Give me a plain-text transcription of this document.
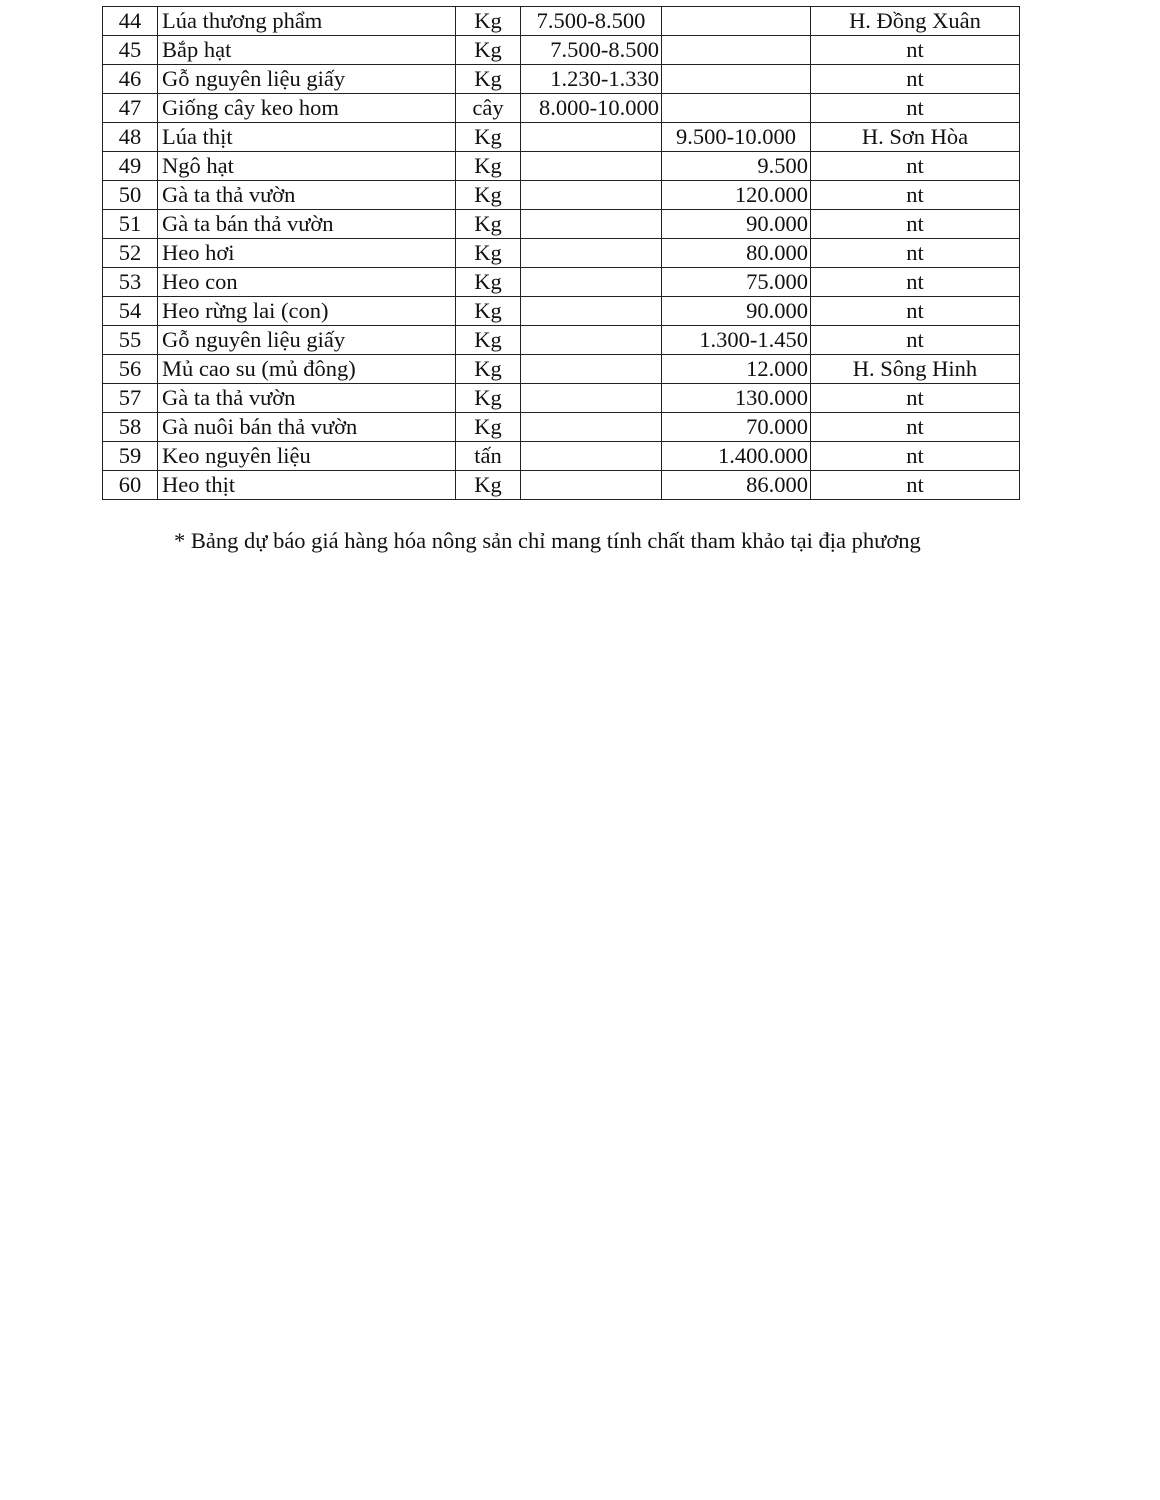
44	Lúa thương phẩm	Kg	7.500-8.500		H. Đồng Xuân
45	Bắp hạt	Kg	7.500-8.500		nt
46	Gỗ nguyên liệu giấy	Kg	1.230-1.330		nt
47	Giống cây keo hom	cây	8.000-10.000		nt
48	Lúa thịt	Kg		9.500-10.000	H. Sơn Hòa
49	Ngô hạt	Kg		9.500	nt
50	Gà ta thả vườn	Kg		120.000	nt
51	Gà ta bán thả vườn	Kg		90.000	nt
52	Heo hơi	Kg		80.000	nt
53	Heo con	Kg		75.000	nt
54	Heo rừng lai (con)	Kg		90.000	nt
55	Gỗ nguyên liệu giấy	Kg		1.300-1.450	nt
56	Mủ cao su (mủ đông)	Kg		12.000	H. Sông Hinh
57	Gà ta thả vườn	Kg		130.000	nt
58	Gà nuôi bán thả vườn	Kg		70.000	nt
59	Keo nguyên liệu	tấn		1.400.000	nt
60	Heo thịt	Kg		86.000	nt
* Bảng dự báo giá hàng hóa nông sản chỉ mang tính chất tham khảo tại địa phương
